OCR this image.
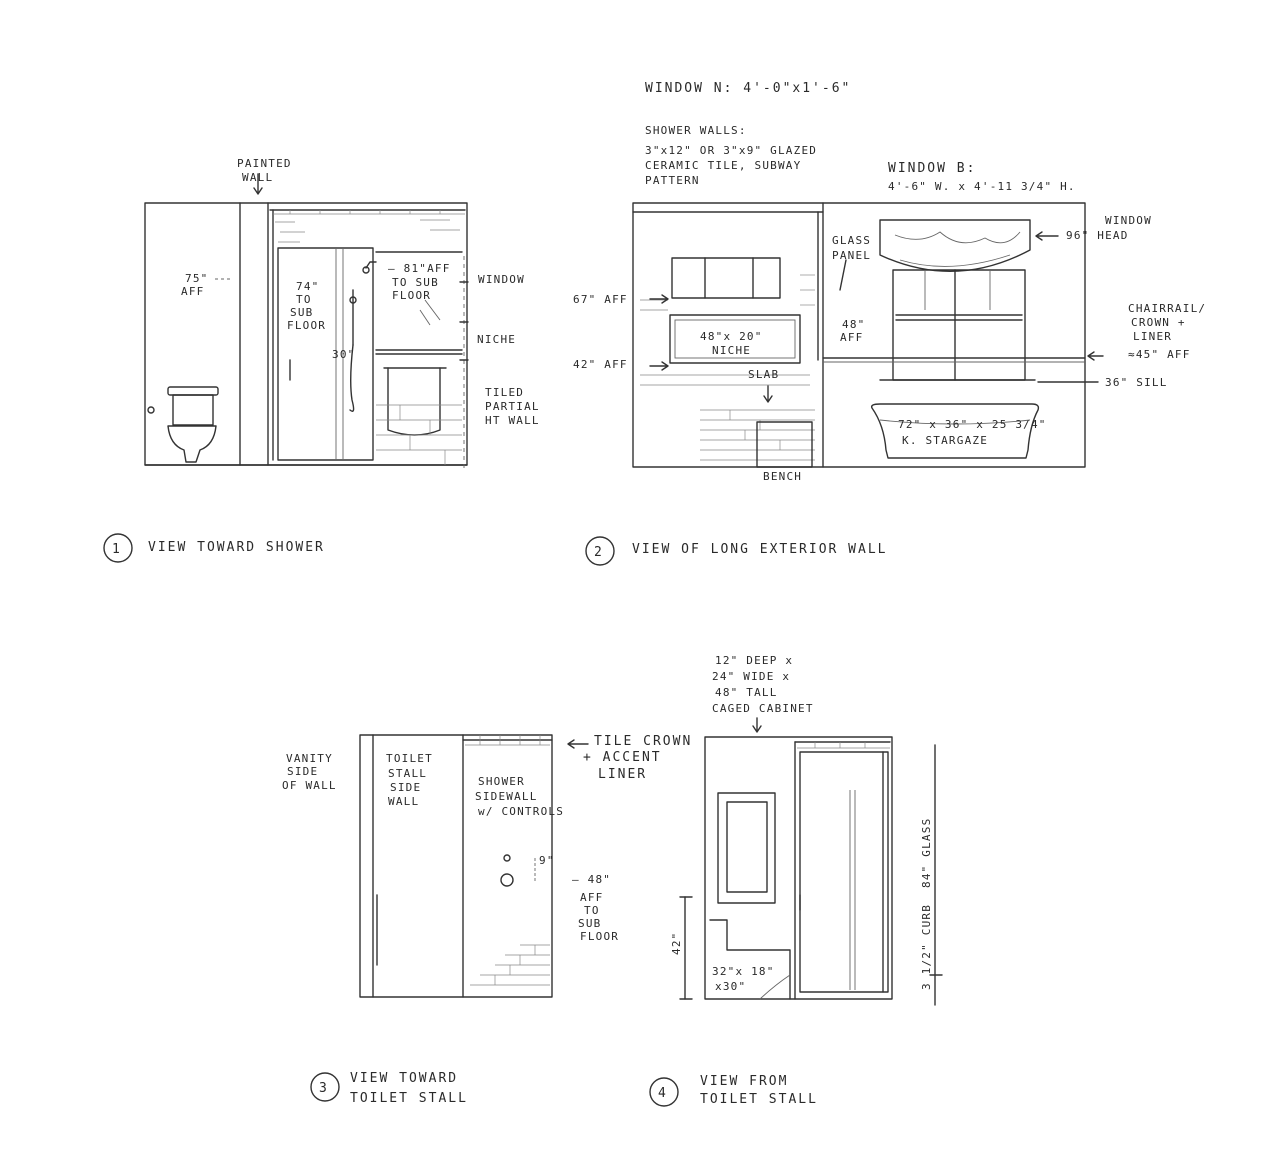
PAINTED
WALL
75"
AFF	74"
TO
SUB
FLOOR
30"
— 81"AFF
TO SUB
FLOOR
WINDOW
NICHE
TILED
PARTIAL
HT WALL
1 VIEW TOWARD SHOWER
WINDOW N: 4'-0"x1'-6"
SHOWER WALLS:
3"x12" OR 3"x9" GLAZED
CERAMIC TILE, SUBWAY
PATTERN
WINDOW B:
4'-6" W. x 4'-11 3/4" H.
WINDOW
96" HEAD
GLASS
PANEL
67" AFF
42" AFF
48"x 20"
NICHE
48"
AFF
SLAB
CHAIRRAIL/
CROWN +
LINER
≈45" AFF
36" SILL
72" x 36" x 25 3/4"
K. STARGAZE
BENCH
2 VIEW OF LONG EXTERIOR WALL
VANITY
SIDE
OF WALL
TOILET
STALL
SIDE
WALL
TILE CROWN
+ ACCENT
LINER
SHOWER
SIDEWALL
w/ CONTROLS
9"
— 48"
AFF
TO
SUB
FLOOR
3
VIEW TOWARD
TOILET STALL
12" DEEP x
24" WIDE x
48" TALL
CAGED CABINET
42"
32"x 18"
x30"
84" GLASS
3 1/2" CURB
4
VIEW FROM
TOILET STALL
